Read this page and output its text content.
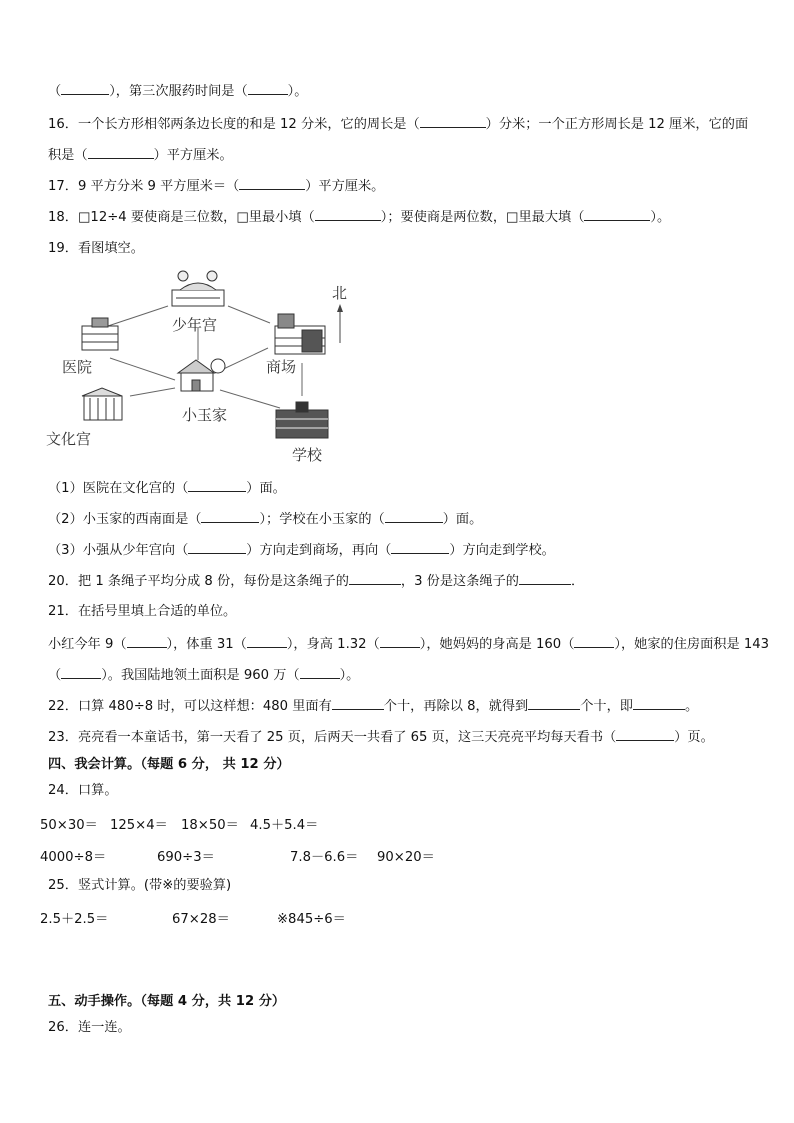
（	），第三次服药时间是（	）。
16．一个长方形相邻两条边长度的和是 12 分米，它的周长是（	）分米；一个正方形周长是 12 厘米，它的面
积是（	）平方厘米。
17．9 平方分米 9 平方厘米＝（	）平方厘米。
18．□12÷4 要使商是三位数，□里最小填（	）；要使商是两位数，□里最大填（	）。
19．看图填空。
北
少年宫
医院	商场
小玉家
文化宫
学校
（1）医院在文化宫的（	）面。
（2）小玉家的西南面是（	）；学校在小玉家的（	）面。
（3）小强从少年宫向（	）方向走到商场，再向（	）方向走到学校。
20．把 1 条绳子平均分成 8 份，每份是这条绳子的	，3 份是这条绳子的	．
21．在括号里填上合适的单位。
小红今年 9（	），体重 31（	），身高 1.32（	），她妈妈的身高是 160（	），她家的住房面积是 143
（	）。我国陆地领土面积是 960 万（	）。
22．口算 480÷8 时，可以这样想：480 里面有	个十，再除以 8，就得到	个十，即	。
23．亮亮看一本童话书，第一天看了 25 页，后两天一共看了 65 页，这三天亮亮平均每天看书（	）页。
四、我会计算。（每题 6 分， 共 12 分）
24．口算。
50×30＝ 125×4＝ 18×50＝ 4.5＋5.4＝
4000÷8＝	690÷3＝	7.8－6.6＝ 90×20＝
25．竖式计算。(带※的要验算)
2.5＋2.5＝	67×28＝	※845÷6＝
五、动手操作。（每题 4 分，共 12 分）
26．连一连。
